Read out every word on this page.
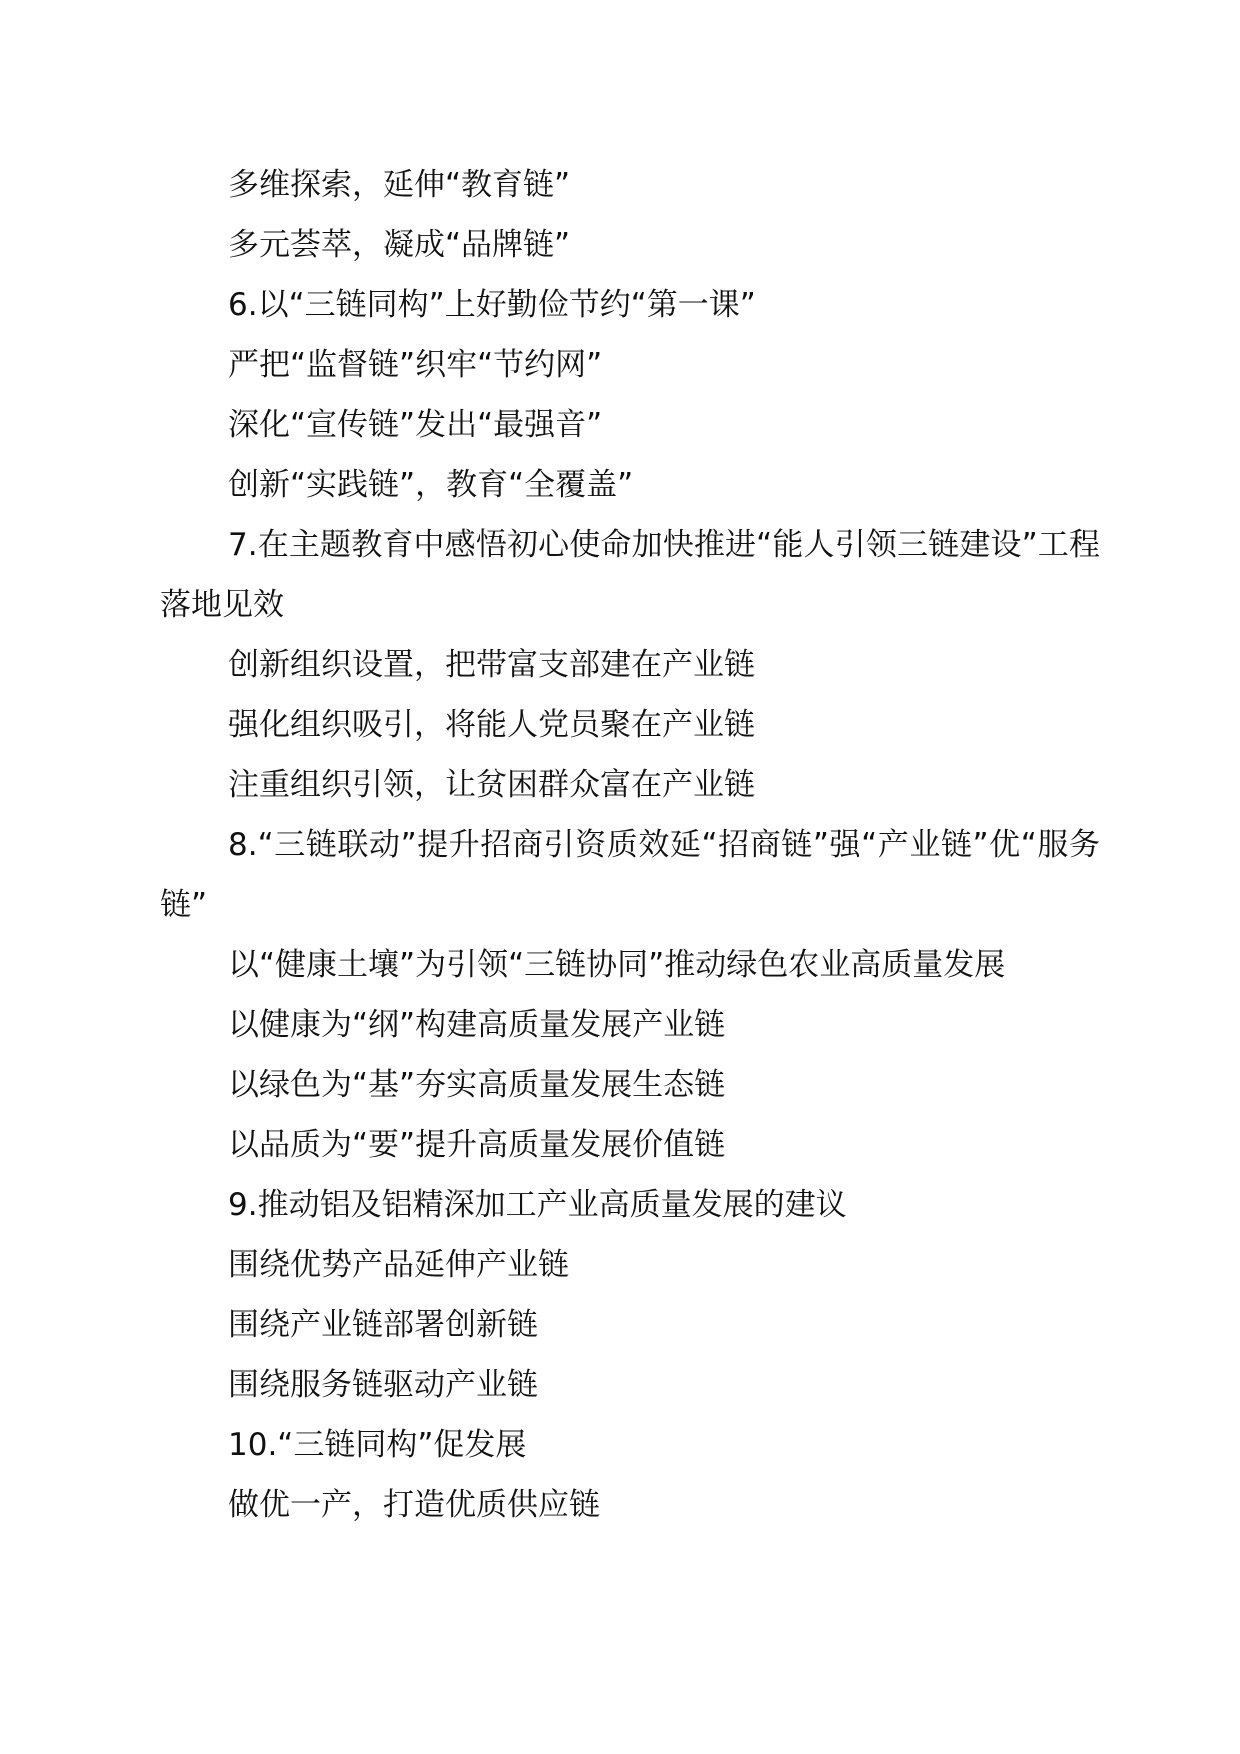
多维探索，延伸“教育链”

多元荟萃，凝成“品牌链”

6.以“三链同构”上好勤俭节约“第一课”

严把“监督链”织牢“节约网”

深化“宣传链”发出“最强音”

创新“实践链”，教育“全覆盖”

7.在主题教育中感悟初心使命加快推进“能人引领三链建设”工程落地见效

创新组织设置，把带富支部建在产业链

强化组织吸引，将能人党员聚在产业链

注重组织引领，让贫困群众富在产业链

8.“三链联动”提升招商引资质效延“招商链”强“产业链”优“服务链”

以“健康土壤”为引领“三链协同”推动绿色农业高质量发展

以健康为“纲”构建高质量发展产业链

以绿色为“基”夯实高质量发展生态链

以品质为“要”提升高质量发展价值链

9.推动铝及铝精深加工产业高质量发展的建议

围绕优势产品延伸产业链

围绕产业链部署创新链

围绕服务链驱动产业链

10.“三链同构”促发展

做优一产，打造优质供应链
